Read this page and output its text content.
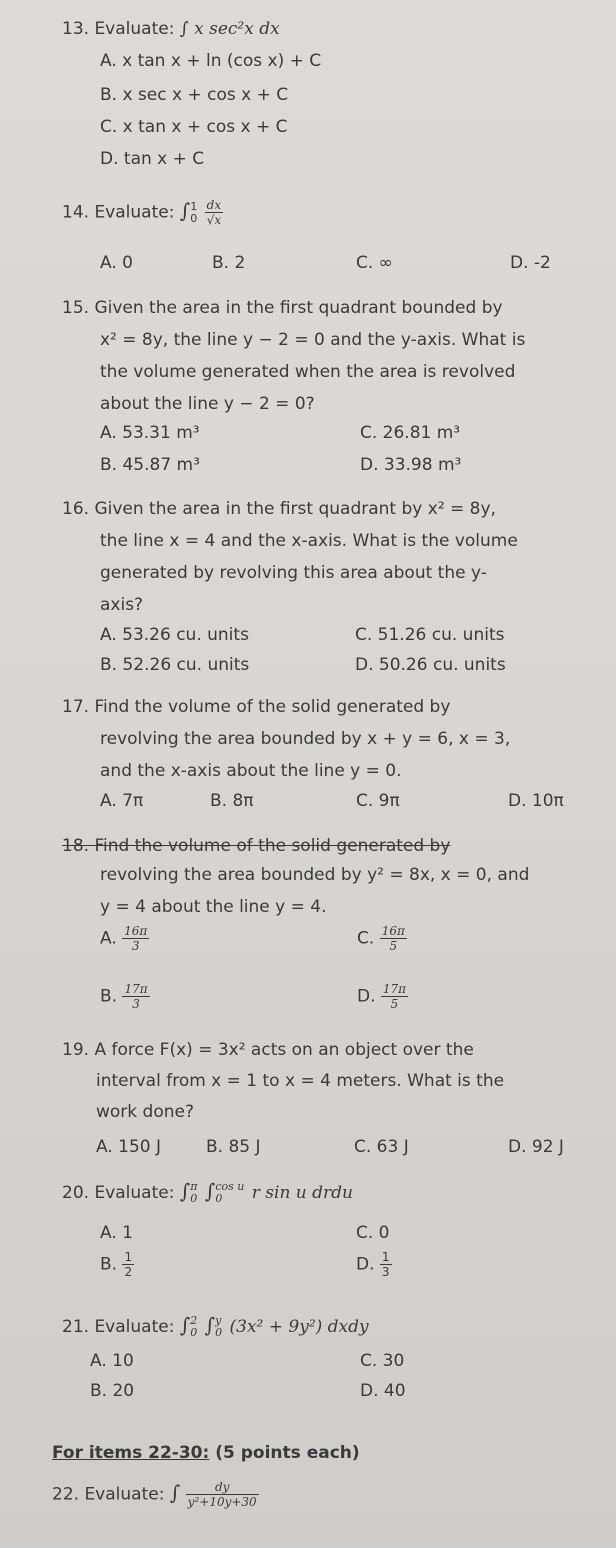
13. Evaluate: ∫ x sec²x dx
A. x tan x + ln (cos x) + C
B. x sec x + cos x + C
C. x tan x + cos x + C
D. tan x + C
14. Evaluate: ∫ 1
0
$\frac{dx}{√x}$
A. 0	B. 2	C. ∞	D. -2
15. Given the area in the first quadrant bounded by
x² = 8y, the line y − 2 = 0 and the y-axis. What is
the volume generated when the area is revolved
about the line y − 2 = 0?
A. 53.31 m³	C. 26.81 m³
B. 45.87 m³	D. 33.98 m³
16. Given the area in the first quadrant by x² = 8y,
the line x = 4 and the x-axis. What is the volume
generated by revolving this area about the y-
axis?
A. 53.26 cu. units	C. 51.26 cu. units
B. 52.26 cu. units	D. 50.26 cu. units
17. Find the volume of the solid generated by
revolving the area bounded by x + y = 6, x = 3,
and the x-axis about the line y = 0.
A. 7π	B. 8π	C. 9π	D. 10π
18. Find the volume of the solid generated by
revolving the area bounded by y² = 8x, x = 0, and
y = 4 about the line y = 4.
A. $\frac{16\pi}{3}$	C. $\frac{16\pi}{5}$
B. $\frac{17\pi}{3}$	D. $\frac{17\pi}{5}$
19. A force F(x) = 3x² acts on an object over the
interval from x = 1 to x = 4 meters. What is the
work done?
A. 150 J	B. 85 J	C. 63 J	D. 92 J
20. Evaluate: ∫ π
0 ∫ cos u
0	r sin u drdu
A. 1	C. 0
B. $\frac{1}{2}$	D. $\frac{1}{3}$
21. Evaluate: ∫ 2
0 ∫ y
0 (3x² + 9y²) dxdy
A. 10	C. 30
B. 20	D. 40
For items 22-30: (5 points each)
22. Evaluate: ∫ $\frac{dy}{\text{y²+10y+30}}$
